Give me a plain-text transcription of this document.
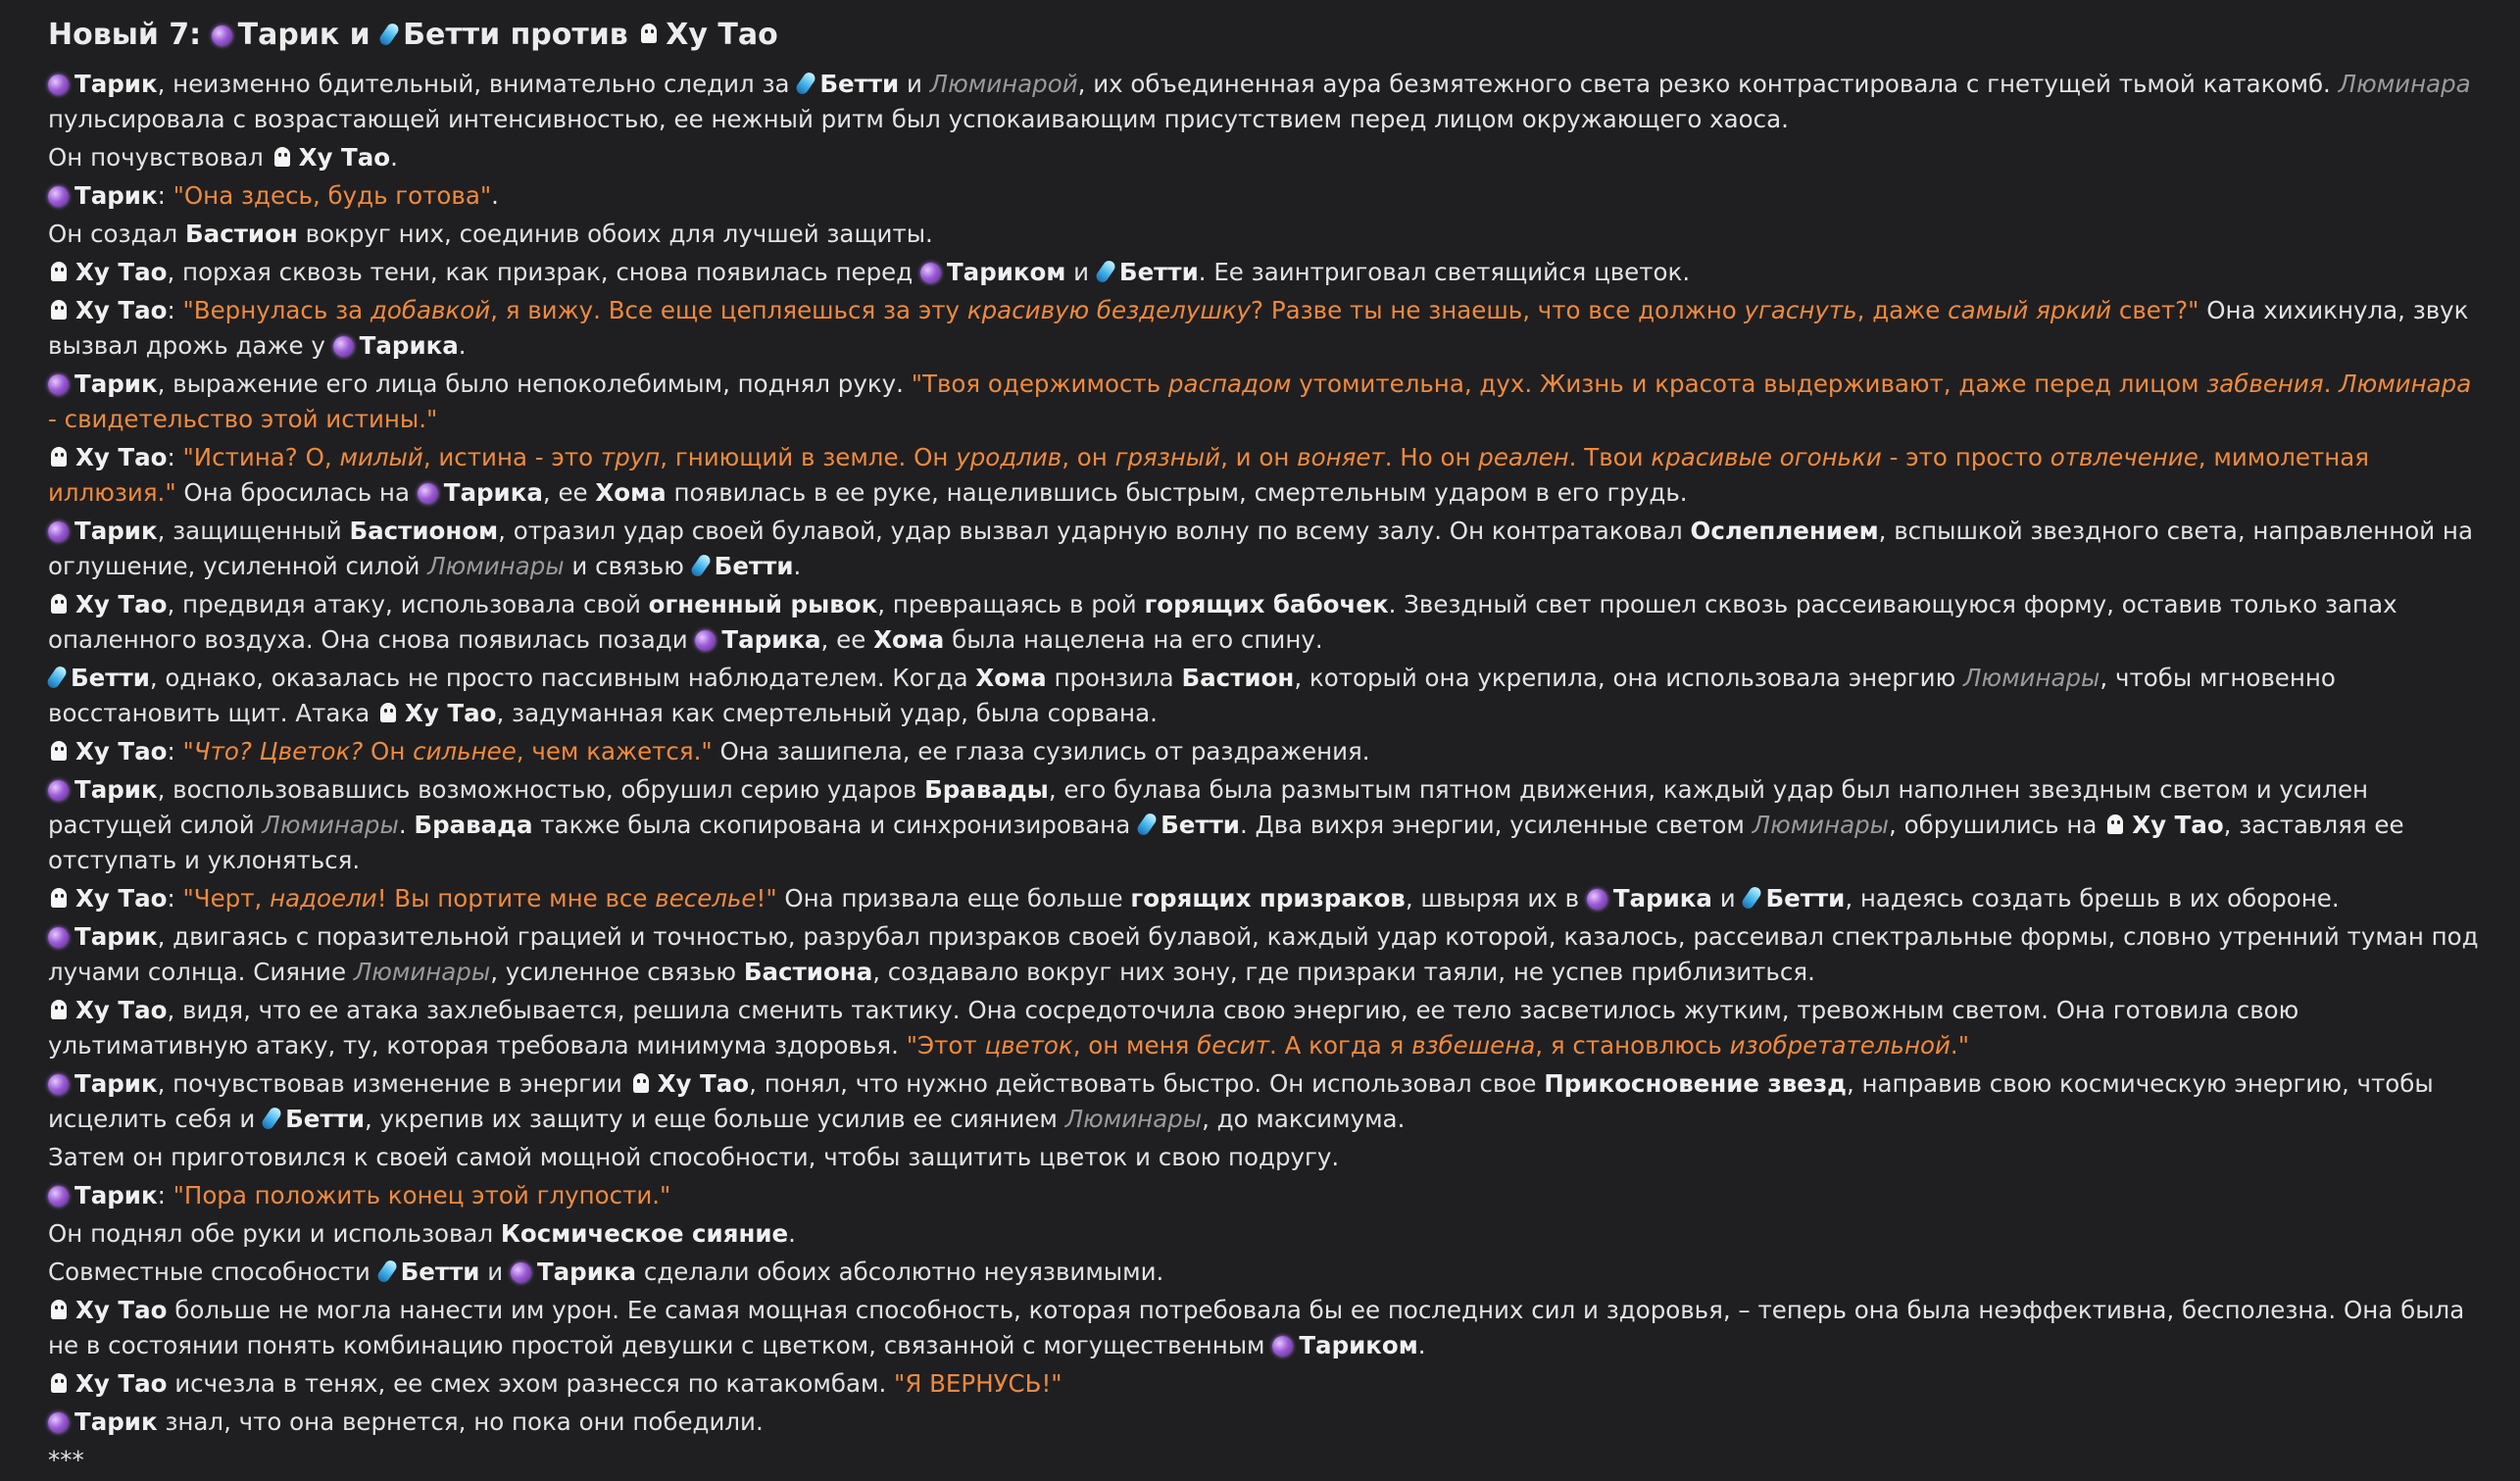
Новый 7: Тарик и Бетти против Ху Тао

Тарик, неизменно бдительный, внимательно следил за Бетти и Люминарой, их объединенная аура безмятежного света резко контрастировала с гнетущей тьмой катакомб. Люминара пульсировала с возрастающей интенсивностью, ее нежный ритм был успокаивающим присутствием перед лицом окружающего хаоса.

Он почувствовал Ху Тао.

Тарик: "Она здесь, будь готова".

Он создал Бастион вокруг них, соединив обоих для лучшей защиты.

Ху Тао, порхая сквозь тени, как призрак, снова появилась перед Тариком и Бетти. Ее заинтриговал светящийся цветок.

Ху Тао: "Вернулась за добавкой, я вижу. Все еще цепляешься за эту красивую безделушку? Разве ты не знаешь, что все должно угаснуть, даже самый яркий свет?" Она хихикнула, звук вызвал дрожь даже у Тарика.

Тарик, выражение его лица было непоколебимым, поднял руку. "Твоя одержимость распадом утомительна, дух. Жизнь и красота выдерживают, даже перед лицом забвения. Люминара - свидетельство этой истины."

Ху Тао: "Истина? О, милый, истина - это труп, гниющий в земле. Он уродлив, он грязный, и он воняет. Но он реален. Твои красивые огоньки - это просто отвлечение, мимолетная иллюзия." Она бросилась на Тарика, ее Хома появилась в ее руке, нацелившись быстрым, смертельным ударом в его грудь.

Тарик, защищенный Бастионом, отразил удар своей булавой, удар вызвал ударную волну по всему залу. Он контратаковал Ослеплением, вспышкой звездного света, направленной на оглушение, усиленной силой Люминары и связью Бетти.

Ху Тао, предвидя атаку, использовала свой огненный рывок, превращаясь в рой горящих бабочек. Звездный свет прошел сквозь рассеивающуюся форму, оставив только запах опаленного воздуха. Она снова появилась позади Тарика, ее Хома была нацелена на его спину.

Бетти, однако, оказалась не просто пассивным наблюдателем. Когда Хома пронзила Бастион, который она укрепила, она использовала энергию Люминары, чтобы мгновенно восстановить щит. Атака Ху Тао, задуманная как смертельный удар, была сорвана.

Ху Тао: "Что? Цветок? Он сильнее, чем кажется." Она зашипела, ее глаза сузились от раздражения.

Тарик, воспользовавшись возможностью, обрушил серию ударов Бравады, его булава была размытым пятном движения, каждый удар был наполнен звездным светом и усилен растущей силой Люминары. Бравада также была скопирована и синхронизирована Бетти. Два вихря энергии, усиленные светом Люминары, обрушились на Ху Тао, заставляя ее отступать и уклоняться.

Ху Тао: "Черт, надоели! Вы портите мне все веселье!" Она призвала еще больше горящих призраков, швыряя их в Тарика и Бетти, надеясь создать брешь в их обороне.

Тарик, двигаясь с поразительной грацией и точностью, разрубал призраков своей булавой, каждый удар которой, казалось, рассеивал спектральные формы, словно утренний туман под лучами солнца. Сияние Люминары, усиленное связью Бастиона, создавало вокруг них зону, где призраки таяли, не успев приблизиться.

Ху Тао, видя, что ее атака захлебывается, решила сменить тактику. Она сосредоточила свою энергию, ее тело засветилось жутким, тревожным светом. Она готовила свою ультимативную атаку, ту, которая требовала минимума здоровья. "Этот цветок, он меня бесит. А когда я взбешена, я становлюсь изобретательной."

Тарик, почувствовав изменение в энергии Ху Тао, понял, что нужно действовать быстро. Он использовал свое Прикосновение звезд, направив свою космическую энергию, чтобы исцелить себя и Бетти, укрепив их защиту и еще больше усилив ее сиянием Люминары, до максимума.

Затем он приготовился к своей самой мощной способности, чтобы защитить цветок и свою подругу.

Тарик: "Пора положить конец этой глупости."

Он поднял обе руки и использовал Космическое сияние.

Совместные способности Бетти и Тарика сделали обоих абсолютно неуязвимыми.

Ху Тао больше не могла нанести им урон. Ее самая мощная способность, которая потребовала бы ее последних сил и здоровья, – теперь она была неэффективна, бесполезна. Она была не в состоянии понять комбинацию простой девушки с цветком, связанной с могущественным Тариком.

Ху Тао исчезла в тенях, ее смех эхом разнесся по катакомбам. "Я ВЕРНУСЬ!"

Тарик знал, что она вернется, но пока они победили.

***
